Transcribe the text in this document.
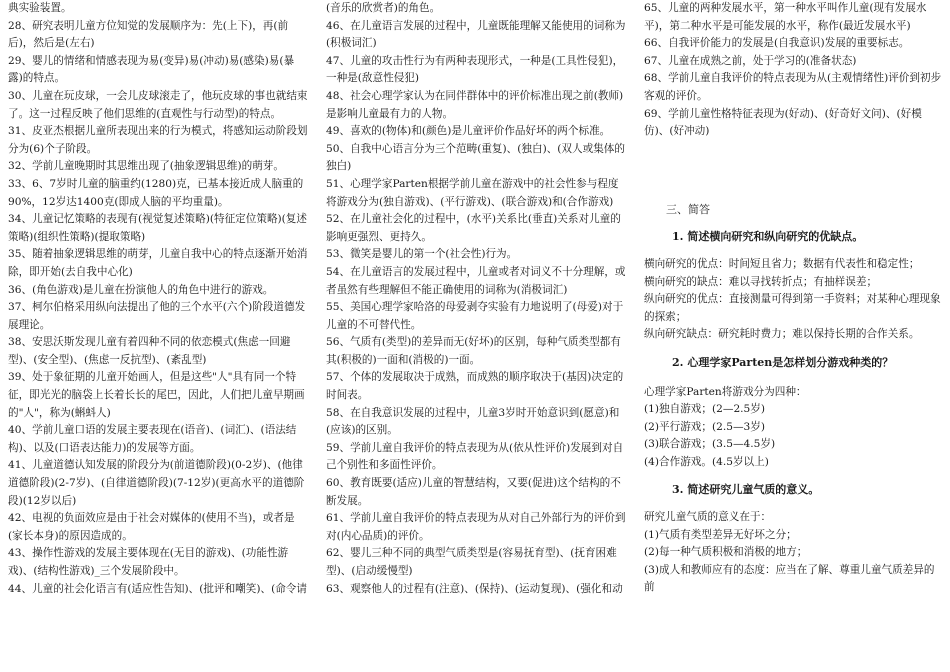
典实验装置。

28、研究表明儿童方位知觉的发展顺序为：先(上下)，再(前后)，然后是(左右)

29、婴儿的情绪和情感表现为易(变异)易(冲动)易(感染)易(暴露)的特点。

30、儿童在玩皮球，一会儿皮球滚走了，他玩皮球的事也就结束了。这一过程反映了他们思维的(直观性与行动型)的特点。

31、皮亚杰根据儿童所表现出来的行为模式，将感知运动阶段划分为(6)个子阶段。

32、学前儿童晚期时其思维出现了(抽象逻辑思维)的萌芽。

33、6、7岁时儿童的脑重约(1280)克，已基本接近成人脑重的90%，12岁达1400克(即成人脑的平均重量)。

34、儿童记忆策略的表现有(视觉复述策略)(特征定位策略)(复述策略)(组织性策略)(提取策略)

35、随着抽象逻辑思维的萌芽，儿童自我中心的特点逐渐开始消除，即开始(去自我中心化)

36、(角色游戏)是儿童在扮演他人的角色中进行的游戏。

37、柯尔伯格采用纵向法提出了他的三个水平(六个)阶段道德发展理论。

38、安思沃斯发现儿童有着四种不同的依恋模式(焦虑一回避型)、(安全型)、(焦虑一反抗型)、(紊乱型)

39、处于象征期的儿童开始画人，但是这些"人"具有同一个特征，即光光的脑袋上长着长长的尾巴，因此，人们把儿童早期画的"人"，称为(蝌蚪人)

40、学前儿童口语的发展主要表现在(语音)、(词汇)、(语法结构)、以及(口语表达能力)的发展等方面。

41、儿童道德认知发展的阶段分为(前道德阶段)(0-2岁)、(他律道德阶段)(2-7岁)、(自律道德阶段)(7-12岁)(更高水平的道德阶段)(12岁以后)

42、电视的负面效应是由于社会对媒体的(使用不当)，或者是(家长本身)的原因造成的。

43、操作性游戏的发展主要体现在(无目的游戏)、(功能性游戏)、(结构性游戏)_三个发展阶段中。

44、儿童的社会化语言有(适应性告知)、(批评和嘲笑)、(命令请

(音乐的欣赏者)的角色。

46、在儿童语言发展的过程中，儿童既能理解又能使用的词称为(积极词汇)

47、儿童的攻击性行为有两种表现形式，一种是(工具性侵犯)，一种是(敌意性侵犯)

48、社会心理学家认为在同伴群体中的评价标准出现之前(教师)是影响儿童最有力的人物。

49、喜欢的(物体)和(颜色)是儿童评价作品好坏的两个标准。

50、自我中心语言分为三个范畴(重复)、(独白)、(双人或集体的独白)

51、心理学家Parten根据学前儿童在游戏中的社会性参与程度将游戏分为(独自游戏)、(平行游戏)、(联合游戏)和(合作游戏)

52、在儿童社会化的过程中，(水平)关系比(垂直)关系对儿童的影响更强烈、更持久。

53、微笑是婴儿的第一个(社会性)行为。

54、在儿童语言的发展过程中，儿童或者对词义不十分理解，或者虽然有些理解但不能正确使用的词称为(消极词汇)

55、美国心理学家哈洛的母爱剥夺实验有力地说明了(母爱)对于儿童的不可替代性。

56、气质有(类型)的差异而无(好坏)的区别，每种气质类型都有其(积极的)一面和(消极的)一面。

57、个体的发展取决于成熟，而成熟的顺序取决于(基因)决定的时间表。

58、在自我意识发展的过程中，儿童3岁时开始意识到(愿意)和(应该)的区别。

59、学前儿童自我评价的特点表现为从(依从性评价)发展到对自己个别性和多面性评价。

60、教育既要(适应)儿童的智慧结构，又要(促进)这个结构的不断发展。

61、学前儿童自我评价的特点表现为从对自己外部行为的评价到对(内心品质)的评价。

62、婴儿三种不同的典型气质类型是(容易抚育型)、(抚育困难型)、(启动缓慢型)

63、观察他人的过程有(注意)、(保持)、(运动复现)、(强化和动

65、儿童的两种发展水平，第一种水平叫作儿童(现有发展水平)，第二种水平是可能发展的水平，称作(最近发展水平)

66、自我评价能力的发展是(自我意识)发展的重要标志。

67、儿童在成熟之前，处于学习的(准备状态)

68、学前儿童自我评价的特点表现为从(主观情绪性)评价到初步客观的评价。

69、学前儿童性格特征表现为(好动)、(好奇好文问)、(好模仿)、(好冲动)

三、简答

1. 简述横向研究和纵向研究的优缺点。

横向研究的优点：时间短且省力；数据有代表性和稳定性；

横向研究的缺点：难以寻找转折点；有抽样误差；

纵向研究的优点：直接测量可得到第一手资料；对某种心理现象的探索；

纵向研究缺点：研究耗时费力；难以保持长期的合作关系。

2. 心理学家Parten是怎样划分游戏种类的？

心理学家Parten将游戏分为四种：

(1)独自游戏；(2—2.5岁)

(2)平行游戏；(2.5—3岁)

(3)联合游戏；(3.5—4.5岁)

(4)合作游戏。(4.5岁以上)

3. 简述研究儿童气质的意义。

研究儿童气质的意义在于：

(1)气质有类型差异无好坏之分；

(2)每一种气质积极和消极的地方；

(3)成人和教师应有的态度：应当在了解、尊重儿童气质差异的前
